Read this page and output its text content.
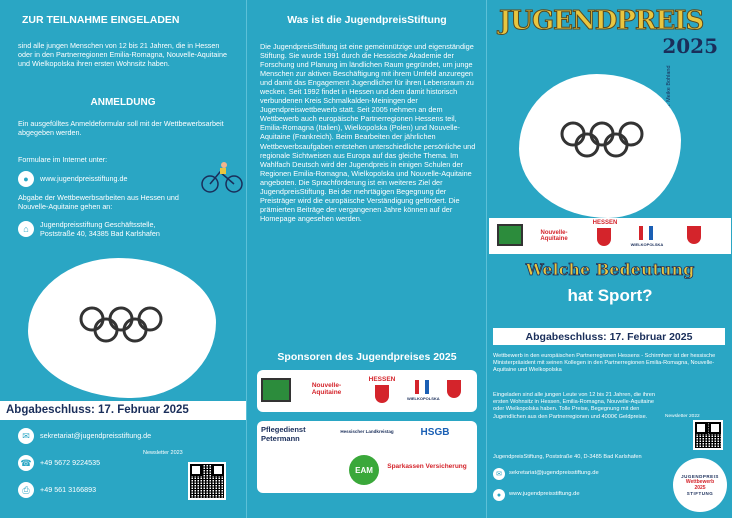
ZUR TEILNAHME EINGELADEN
sind alle jungen Menschen von 12 bis 21 Jahren, die in Hessen oder in den Partnerregionen Emilia-Romagna, Nouvelle-Aquitaine und Wielkopolska ihren ersten Wohnsitz haben.
ANMELDUNG
Ein ausgefülltes Anmeldeformular soll mit der Wettbewerbsarbeit abgegeben werden.
Formulare im Internet unter:
●	www.jugendpreisstiftung.de
Abgabe der Wettbewerbsarbeiten aus Hessen und Nouvelle-Aquitaine gehen an:
⌂	Jugendpreisstiftung Geschäftsstelle,
Poststraße 40, 34385 Bad Karlshafen
Abgabeschluss: 17. Februar 2025
✉	sekretariat@jugendpreisstiftung.de
☎	+49 5672 9224535
⎙	+49 561 3166893
Newsletter 2023
Was ist die JugendpreisStiftung
Die JugendpreisStiftung ist eine gemeinnützige und eigenständige Stiftung. Sie wurde 1991 durch die Hessische Akademie der Forschung und Planung im ländlichen Raum gegründet, um junge Menschen zur aktiven Beschäftigung mit ihrem Umfeld anzuregen und damit das Engagement Jugendlicher für ihren Lebensraum zu wecken. Seit 1992 findet in Hessen und dem damit historisch verbundenen Kreis Schmalkalden-Meiningen der Jugendpreiswettbewerb statt. Seit 2005 nehmen an dem Wettbewerb auch europäische Partnerregionen Hessens teil, Emilia-Romagna (Italien), Wielkopolska (Polen) und Nouvelle-Aquitaine (Frankreich). Beim Bearbeiten der jährlichen Wettbewerbsaufgaben entstehen unterschiedliche persönliche und regionale Sichtweisen aus Europa auf das gleiche Thema. Im Wahlfach Deutsch wird der Jugendpreis in einigen Schulen der Regionen Emilia-Romagna, Wielkopolska und Nouvelle-Aquitaine angeboten. Die Sprachförderung ist ein weiteres Ziel der JugendpreisStiftung. Bei der mehrtägigen Begegnung der Preisträger wird die europäische Verständigung gefördert. Die prämierten Beiträge der vergangenen Jahre können auf der Homepage angesehen werden.
Sponsoren des Jugendpreises 2025
Nouvelle-Aquitaine
HESSEN
WIELKOPOLSKA
Pflegedienst Petermann
Hessischer Landkreistag	HSGB
EAM	Sparkassen Versicherung
JUGENDPREIS
2025
Illustration: Meike Bohland
Nouvelle-Aquitaine
HESSEN
WIELKOPOLSKA
Welche Bedeutung
hat Sport?
Abgabeschluss: 17. Februar 2025
Wettbewerb in den europäischen Partnerregionen Hessens - Schirmherr ist der hessische Ministerpräsident mit seinen Kollegen in den Partnerregionen Emilia-Romagna, Nouvelle-Aquitaine und Wielkopolska
Eingeladen sind alle jungen Leute von 12 bis 21 Jahren, die ihren ersten Wohnsitz in Hessen, Emilia-Romagna, Nouvelle-Aquitaine oder Wielkopolska haben. Tolle Preise, Begegnung mit den Jugendlichen aus den Partnerregionen und 4000€ Geldpreise.	Newsletter 2022
JugendpreisStiftung, Poststraße 40, D-3485 Bad Karlshafen
✉	sekretariat@jugendpreisstiftung.de
●	www.jugendpreisstiftung.de
JUGENDPREIS
Wettbewerb
2025
STIFTUNG
